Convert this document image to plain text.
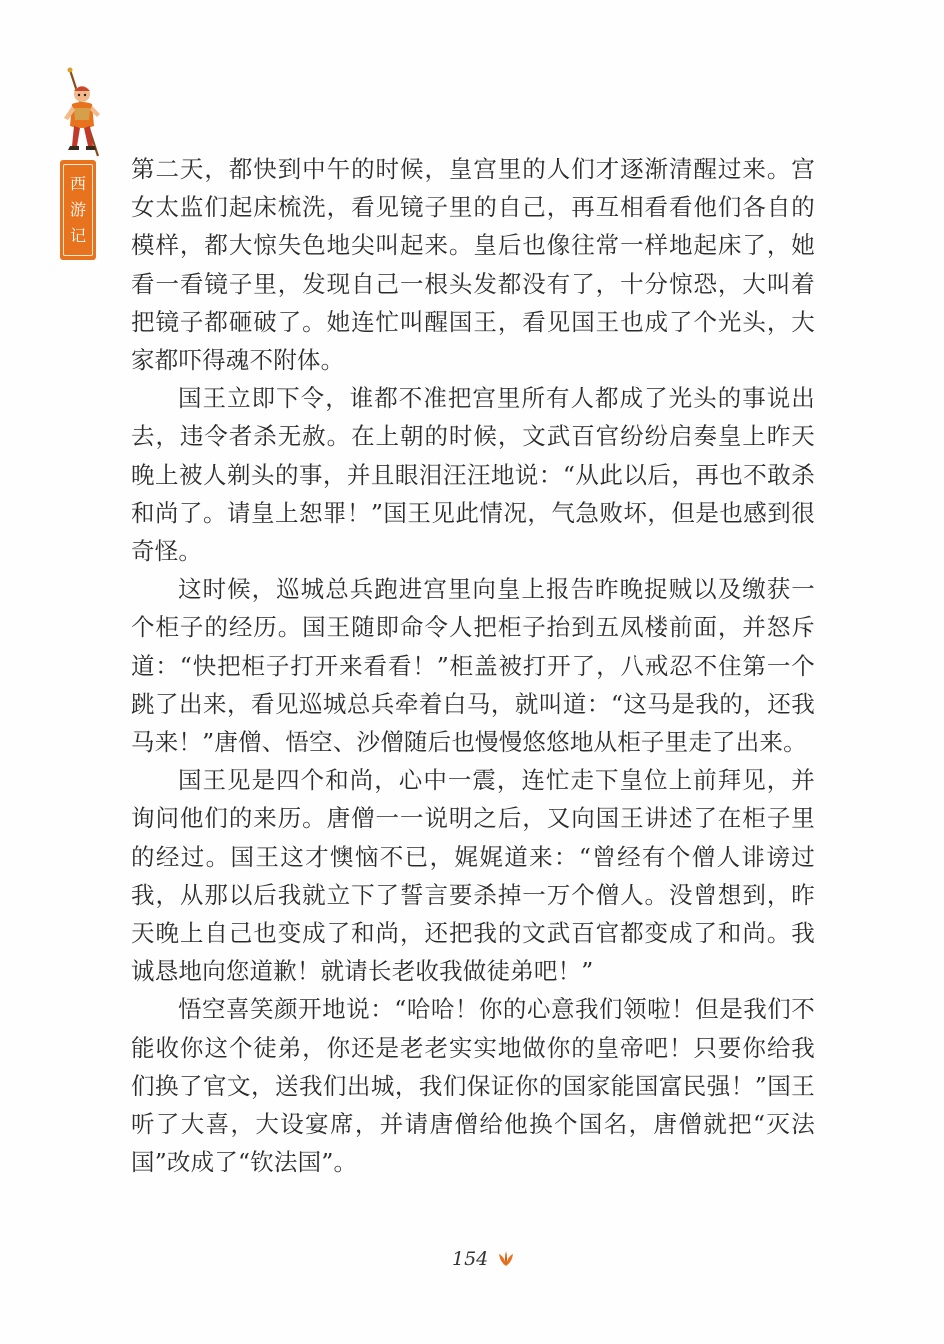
西
游
记

第二天，都快到中午的时候，皇宫里的人们才逐渐清醒过来。宫女太监们起床梳洗，看见镜子里的自己，再互相看看他们各自的模样，都大惊失色地尖叫起来。皇后也像往常一样地起床了，她看一看镜子里，发现自己一根头发都没有了，十分惊恐，大叫着把镜子都砸破了。她连忙叫醒国王，看见国王也成了个光头，大家都吓得魂不附体。

国王立即下令，谁都不准把宫里所有人都成了光头的事说出去，违令者杀无赦。在上朝的时候，文武百官纷纷启奏皇上昨天晚上被人剃头的事，并且眼泪汪汪地说：“从此以后，再也不敢杀和尚了。请皇上恕罪！”国王见此情况，气急败坏，但是也感到很奇怪。

这时候，巡城总兵跑进宫里向皇上报告昨晚捉贼以及缴获一个柜子的经历。国王随即命令人把柜子抬到五凤楼前面，并怒斥道：“快把柜子打开来看看！”柜盖被打开了，八戒忍不住第一个跳了出来，看见巡城总兵牵着白马，就叫道：“这马是我的，还我马来！”唐僧、悟空、沙僧随后也慢慢悠悠地从柜子里走了出来。

国王见是四个和尚，心中一震，连忙走下皇位上前拜见，并询问他们的来历。唐僧一一说明之后，又向国王讲述了在柜子里的经过。国王这才懊恼不已，娓娓道来：“曾经有个僧人诽谤过我，从那以后我就立下了誓言要杀掉一万个僧人。没曾想到，昨天晚上自己也变成了和尚，还把我的文武百官都变成了和尚。我诚恳地向您道歉！就请长老收我做徒弟吧！”

悟空喜笑颜开地说：“哈哈！你的心意我们领啦！但是我们不能收你这个徒弟，你还是老老实实地做你的皇帝吧！只要你给我们换了官文，送我们出城，我们保证你的国家能国富民强！”国王听了大喜，大设宴席，并请唐僧给他换个国名，唐僧就把“灭法国”改成了“钦法国”。

154
